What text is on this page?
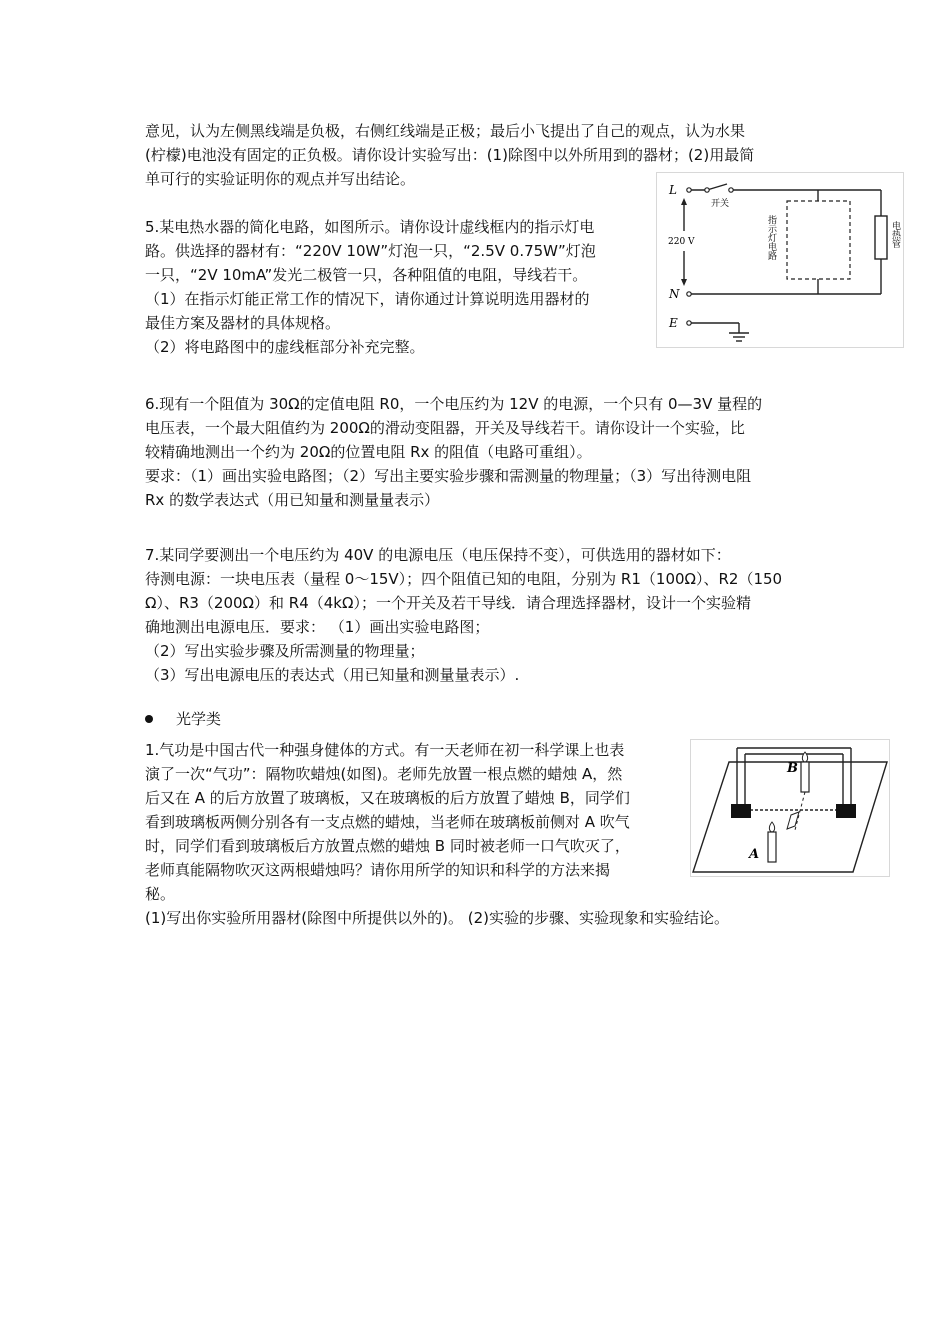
意见，认为左侧黑线端是负极，右侧红线端是正极；最后小飞提出了自己的观点，认为水果
(柠檬)电池没有固定的正负极。请你设计实验写出：(1)除图中以外所用到的器材；(2)用最简
单可行的实验证明你的观点并写出结论。
5.某电热水器的简化电路，如图所示。请你设计虚线框内的指示灯电
路。供选择的器材有：“220V 10W”灯泡一只，“2.5V 0.75W”灯泡
一只，“2V 10mA”发光二极管一只，各种阻值的电阻，导线若干。
（1）在指示灯能正常工作的情况下，请你通过计算说明选用器材的
最佳方案及器材的具体规格。
（2）将电路图中的虚线框部分补充完整。
6.现有一个阻值为 30Ω的定值电阻 R0，一个电压约为 12V 的电源，一个只有 0—3V 量程的
电压表，一个最大阻值约为 200Ω的滑动变阻器，开关及导线若干。请你设计一个实验，比
较精确地测出一个约为 20Ω的位置电阻 Rx 的阻值（电路可重组）。
要求：（1）画出实验电路图；（2）写出主要实验步骤和需测量的物理量；（3）写出待测电阻
Rx 的数学表达式（用已知量和测量量表示）
7.某同学要测出一个电压约为 40V 的电源电压（电压保持不变），可供选用的器材如下：
待测电源：一块电压表（量程 0～15V）；四个阻值已知的电阻，分别为 R1（100Ω）、R2（150
Ω）、R3（200Ω）和 R4（4kΩ）；一个开关及若干导线．请合理选择器材，设计一个实验精
确地测出电源电压．要求： （1）画出实验电路图；
（2）写出实验步骤及所需测量的物理量；
（3）写出电源电压的表达式（用已知量和测量量表示）.
光学类
1.气功是中国古代一种强身健体的方式。有一天老师在初一科学课上也表
演了一次“气功”：隔物吹蜡烛(如图)。老师先放置一根点燃的蜡烛 A，然
后又在 A 的后方放置了玻璃板，又在玻璃板的后方放置了蜡烛 B，同学们
看到玻璃板两侧分别各有一支点燃的蜡烛，当老师在玻璃板前侧对 A 吹气
时，同学们看到玻璃板后方放置点燃的蜡烛 B 同时被老师一口气吹灭了，
老师真能隔物吹灭这两根蜡烛吗？请你用所学的知识和科学的方法来揭
秘。
(1)写出你实验所用器材(除图中所提供以外的)。 (2)实验的步骤、实验现象和实验结论。
L
N
E
开关
220 V	指示灯电路	电热管
B
A
